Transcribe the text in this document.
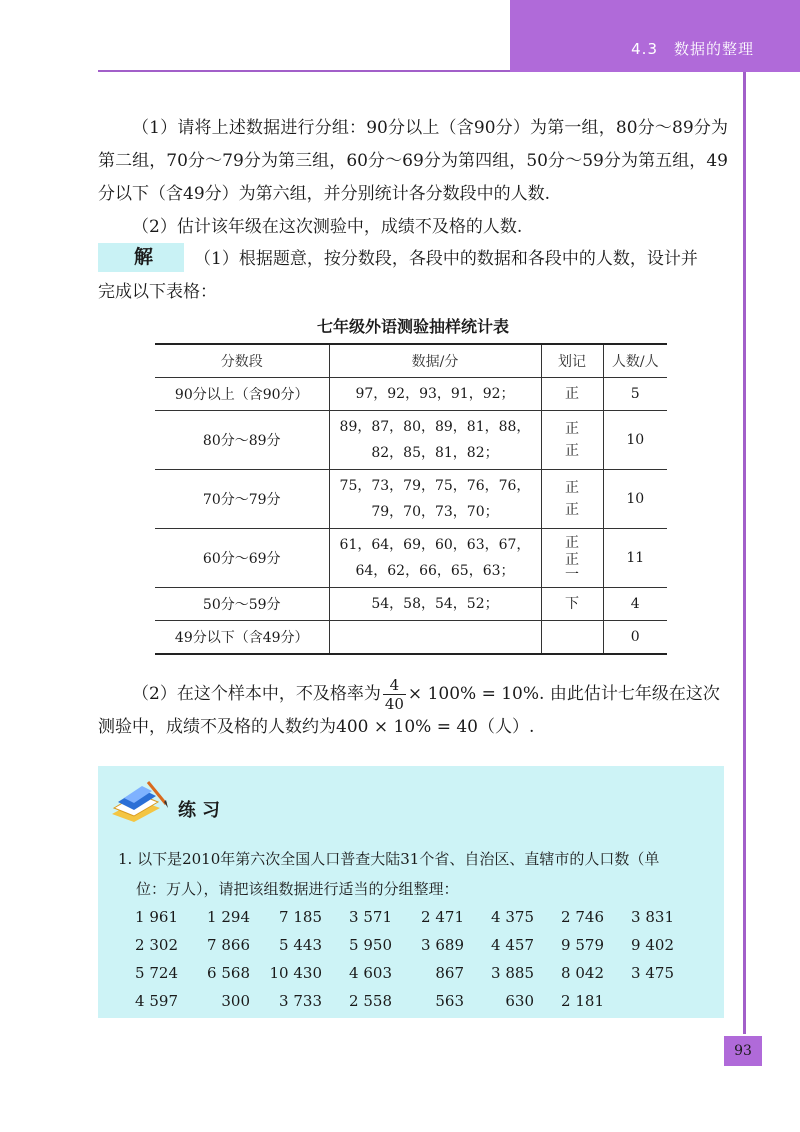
4.3　数据的整理

（1）请将上述数据进行分组：90分以上（含90分）为第一组，80分～89分为第二组，70分～79分为第三组，60分～69分为第四组，50分～59分为第五组，49分以下（含49分）为第六组，并分别统计各分数段中的人数.

（2）估计该年级在这次测验中，成绩不及格的人数.

解 （1）根据题意，按分数段，各段中的数据和各段中的人数，设计并
完成以下表格：
七年级外语测验抽样统计表
分数段	数据/分	划记	人数/人
90分以上（含90分）	97，92，93，91，92；	正	5
80分～89分	89，87，80，89，81，88，
82，85，81，82；	正
正	10
70分～79分	75，73，79，75，76，76，
79，70，73，70；	正
正	10
60分～69分	61，64，69，60，63，67，
64，62，66，65，63；	正
正
一	11
50分～59分	54，58，54，52；	下	4
49分以下（含49分）			0
（2）在这个样本中，不及格率为 $\frac{4}{40} \times 100\% = 10\%$. 由此估计七年级在这次
测验中，成绩不及格的人数约为400 × 10% = 40（人）.
练习
1. 以下是2010年第六次全国人口普查大陆31个省、自治区、直辖市的人口数（单
位：万人），请把该组数据进行适当的分组整理：
1 961	1 294	7 185	3 571	2 471	4 375	2 746	3 831
2 302	7 866	5 443	5 950	3 689	4 457	9 579	9 402
5 724	6 568	10 430	4 603	867	3 885	8 042	3 475
4 597	300	3 733	2 558	563	630	2 181
93
